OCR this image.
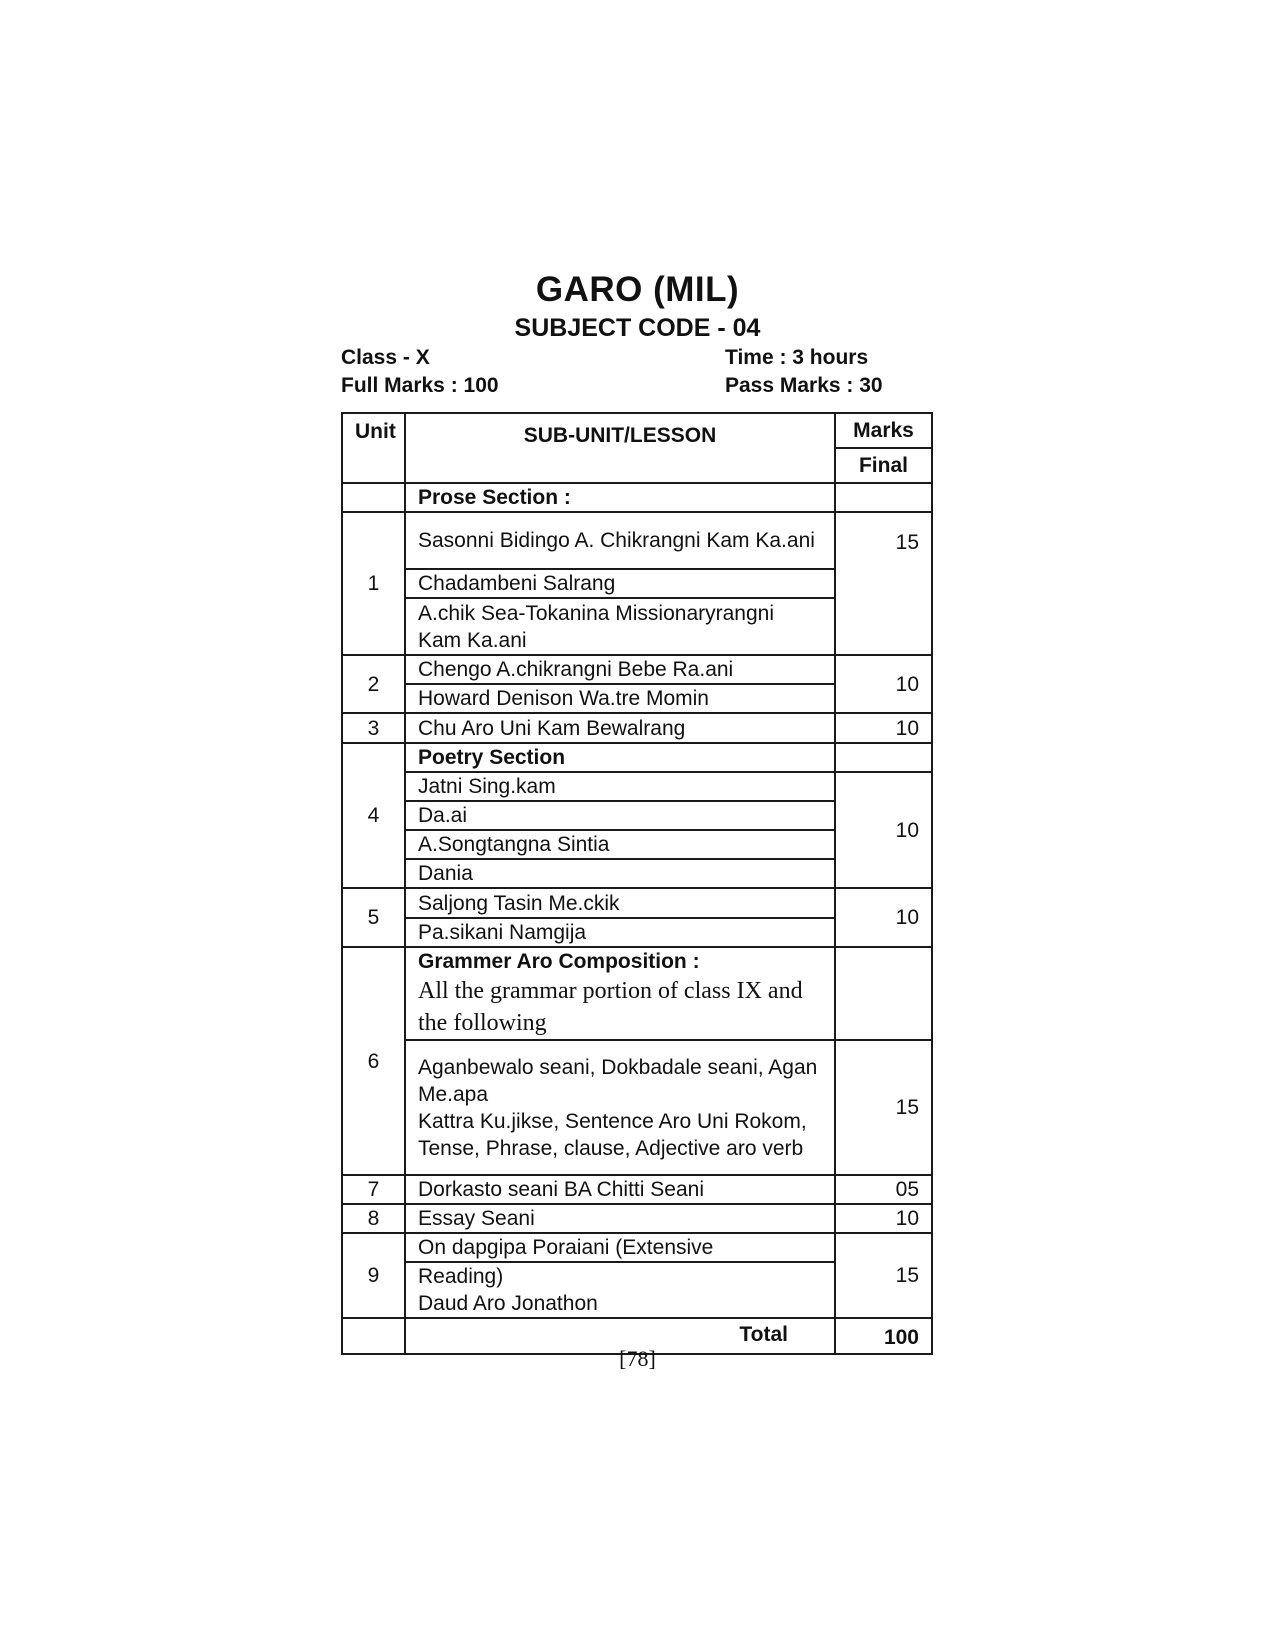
GARO (MIL)
SUBJECT CODE - 04
Class - X	Time : 3 hours
Full Marks : 100	Pass Marks : 30
Unit	SUB-UNIT/LESSON	Marks
		Final
	Prose Section :	
1	Sasonni Bidingo A. Chikrangni Kam Ka.ani	15
	Chadambeni Salrang	
	A.chik Sea-Tokanina Missionaryrangni Kam Ka.ani	
2	Chengo A.chikrangni Bebe Ra.ani	10
	Howard Denison Wa.tre Momin	
3	Chu Aro Uni Kam Bewalrang	10
4	Poetry Section	
	Jatni Sing.kam	10
	Da.ai	
	A.Songtangna Sintia	
	Dania	
5	Saljong Tasin Me.ckik	10
	Pa.sikani Namgija	
6	Grammer Aro Composition :
All the grammar portion of class IX and the following	

	Aganbewalo seani, Dokbadale seani, Agan Me.apa
Kattra Ku.jikse, Sentence Aro Uni Rokom, Tense, Phrase, clause, Adjective aro verb	15
7	Dorkasto seani BA Chitti Seani	05
8	Essay Seani	10
9	On dapgipa Poraiani (Extensive	15

	Reading)
Daud Aro Jonathon	

	Total	100
[78]
